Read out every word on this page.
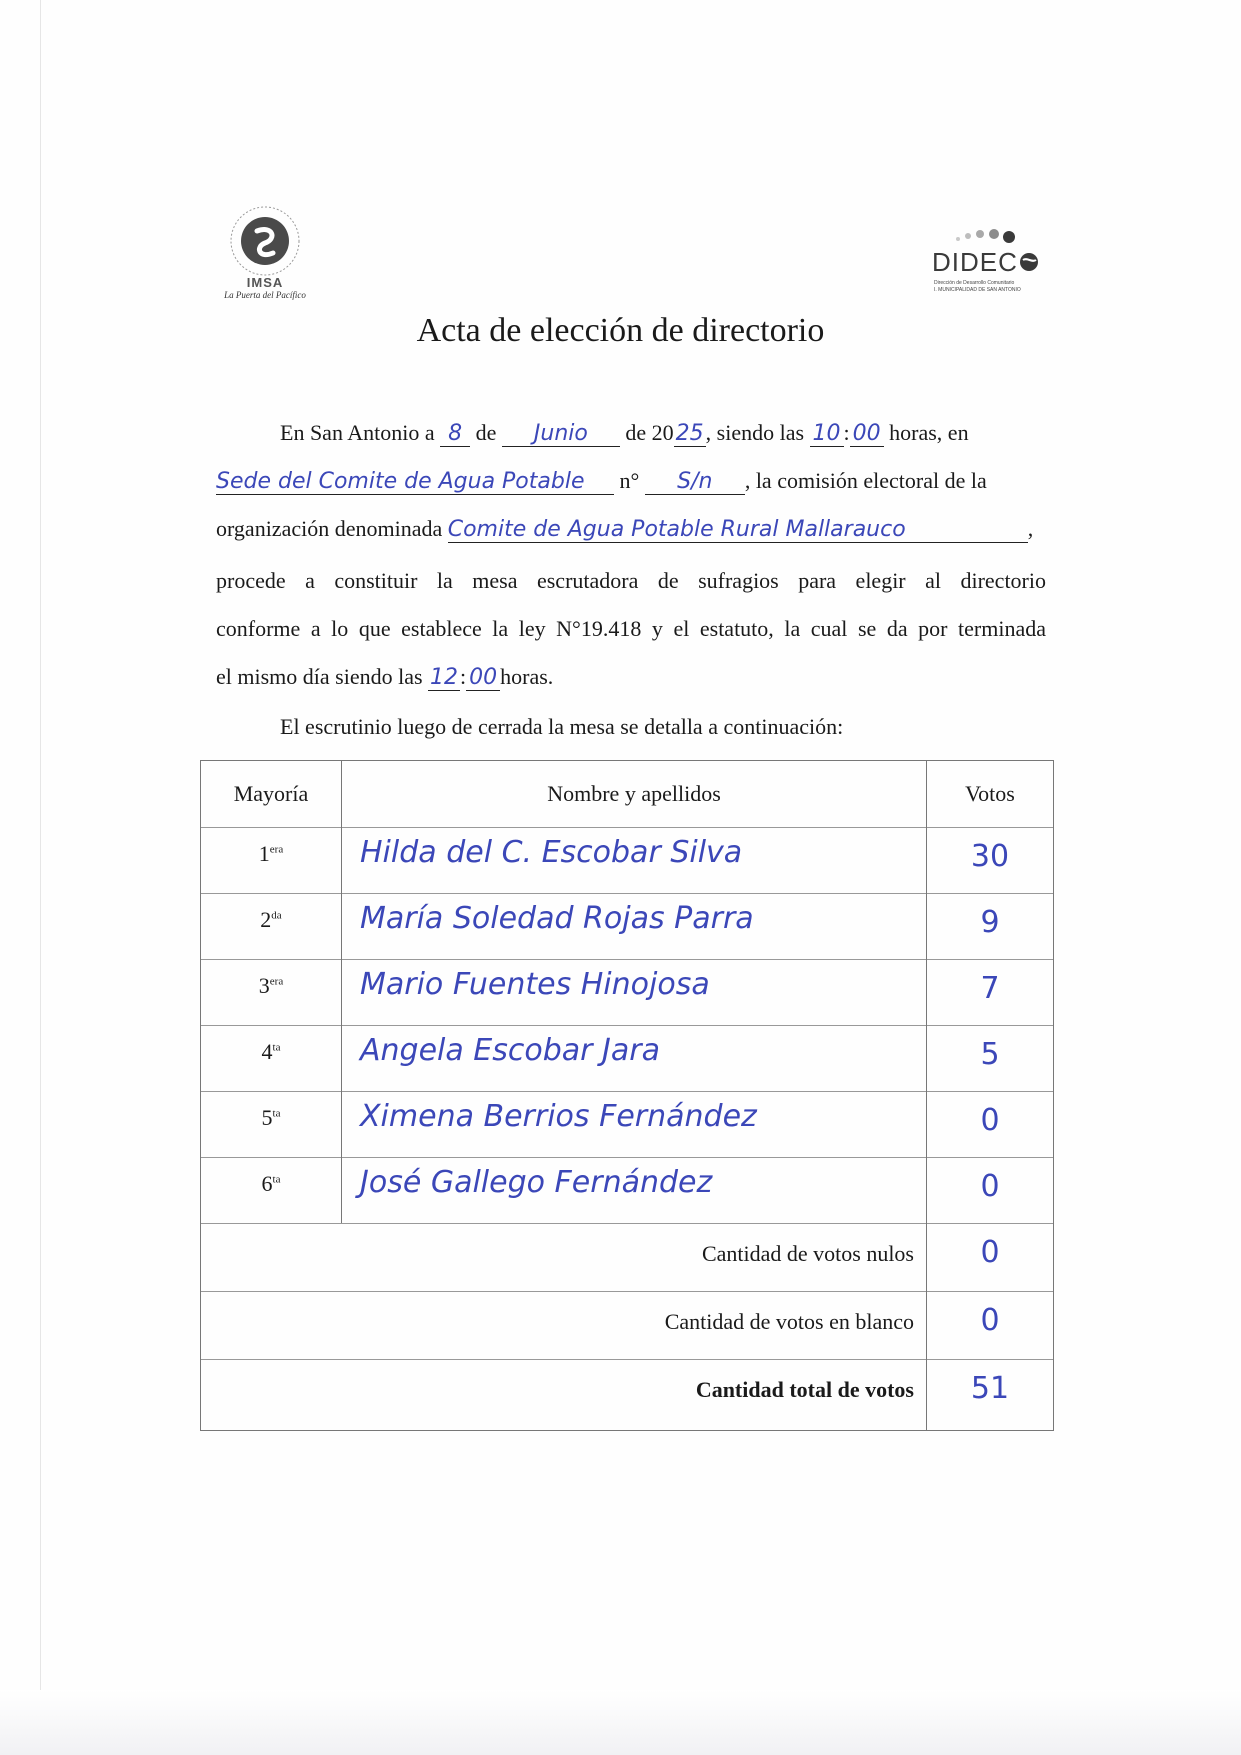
IMSA
La Puerta del Pacífico
DIDEC
Dirección de Desarrollo Comunitario
I. MUNICIPALIDAD DE SAN ANTONIO
Acta de elección de directorio
En San Antonio a 8 de Junio de 2025, siendo las 10 : 00 horas, en
Sede del Comite de Agua Potable n° S/n , la comisión electoral de la
organización denominada Comite de Agua Potable Rural Mallarauco	,
procede a constituir la mesa escrutadora de sufragios para elegir al directorio
conforme a lo que establece la ley N°19.418 y el estatuto, la cual se da por terminada
el mismo día siendo las 12: 00 horas.
El escrutinio luego de cerrada la mesa se detalla a continuación:
Mayoría	Nombre y apellidos	Votos
$1^{era}$	Hilda del C. Escobar Silva	30
$2^{da}$	María Soledad Rojas Parra	9
$3^{era}$	Mario Fuentes Hinojosa	7
$4^{ta}$	Angela Escobar Jara	5
$5^{ta}$	Ximena Berrios Fernández	0
$6^{ta}$	José Gallego Fernández	0
Cantidad de votos nulos	0
Cantidad de votos en blanco	0
Cantidad total de votos	51
